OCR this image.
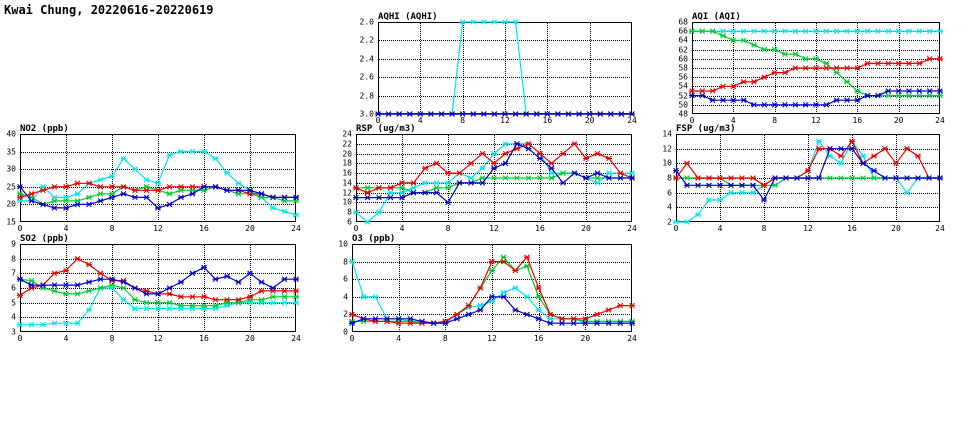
Kwai Chung, 20220616-20220619	AQHI (AQHI)
2.0
2.2
2.4
2.6
2.8
3.0
0	4	8	12	16	20	24
AQI (AQI)
68
66
64
62
60
58
56
54
52
50
48
0	4	8	12	16	20	24
NO2 (ppb)
40
35
30
25
20
15
0	4	8	12	16	20	24
RSP (ug/m3)
24
22
20
18
16
14
12
10
8
6
0	4	8	12	16	20	24
FSP (ug/m3)
14
12
10
8
6
4
2
0	4	8	12	16	20	24
SO2 (ppb)
9
8
7
6
5
4
3
0	4	8	12	16	20	24
O3 (ppb)
10
8
6
4
2
0
0	4	8	12	16	20	24
